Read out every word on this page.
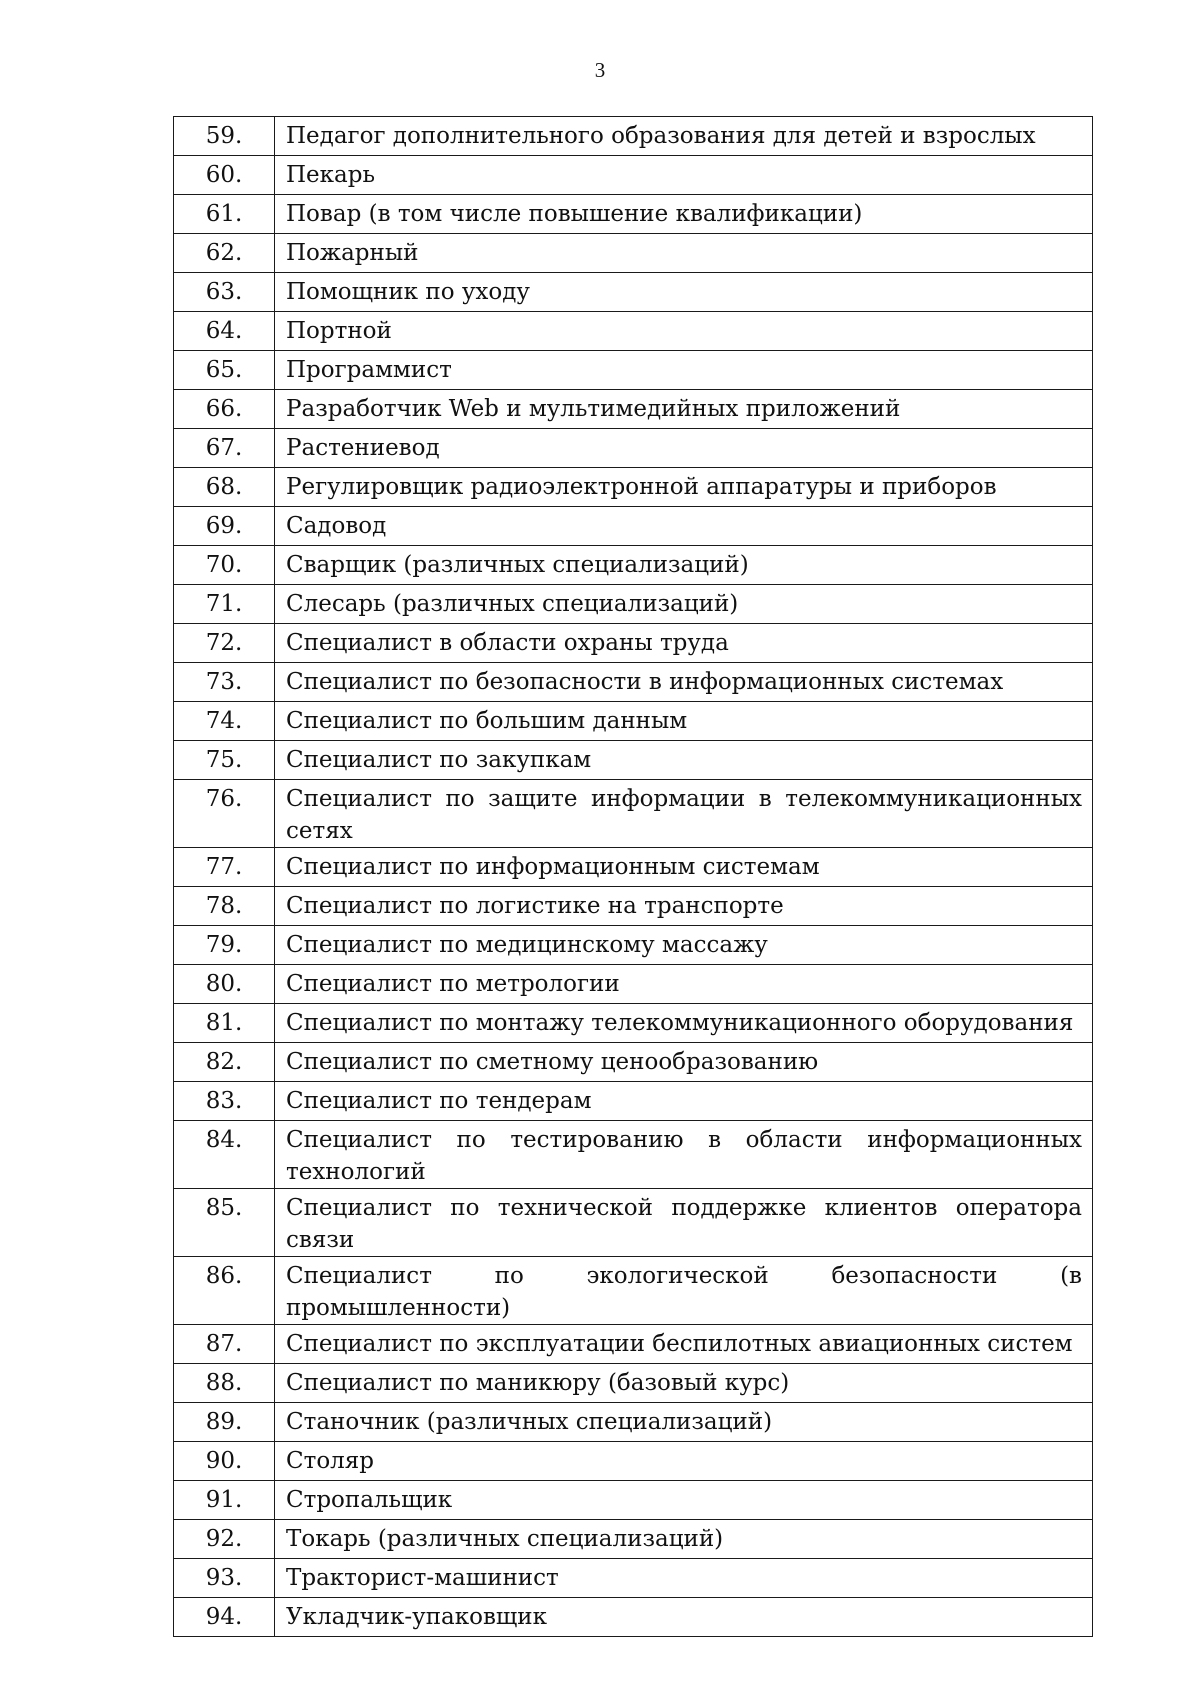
3
59.	Педагог дополнительного образования для детей и взрослых
60.	Пекарь
61.	Повар (в том числе повышение квалификации)
62.	Пожарный
63.	Помощник по уходу
64.	Портной
65.	Программист
66.	Разработчик Web и мультимедийных приложений
67.	Растениевод
68.	Регулировщик радиоэлектронной аппаратуры и приборов
69.	Садовод
70.	Сварщик (различных специализаций)
71.	Слесарь (различных специализаций)
72.	Специалист в области охраны труда
73.	Специалист по безопасности в информационных системах
74.	Специалист по большим данным
75.	Специалист по закупкам
76.	Специалист по защите информации в телекоммуникационных сетях
77.	Специалист по информационным системам
78.	Специалист по логистике на транспорте
79.	Специалист по медицинскому массажу
80.	Специалист по метрологии
81.	Специалист по монтажу телекоммуникационного оборудования
82.	Специалист по сметному ценообразованию
83.	Специалист по тендерам
84.	Специалист по тестированию в области информационных технологий
85.	Специалист по технической поддержке клиентов оператора связи
86.	Специалист по экологической безопасности (в промышленности)
87.	Специалист по эксплуатации беспилотных авиационных систем
88.	Специалист по маникюру (базовый курс)
89.	Станочник (различных специализаций)
90.	Столяр
91.	Стропальщик
92.	Токарь (различных специализаций)
93.	Тракторист-машинист
94.	Укладчик-упаковщик
